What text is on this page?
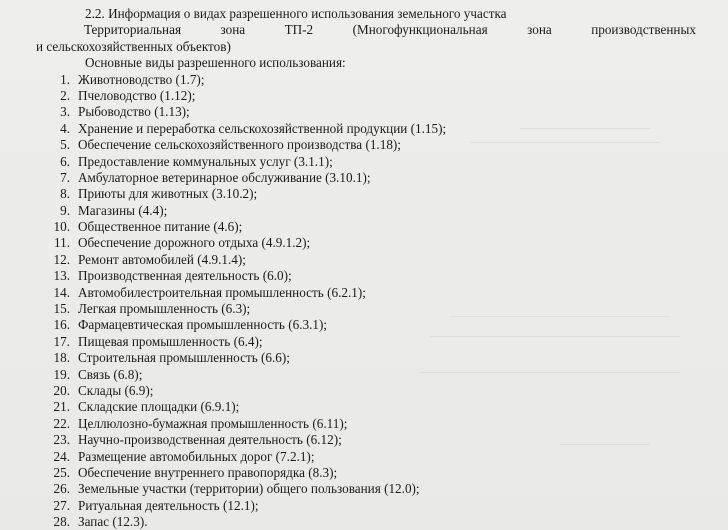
2.2. Информация о видах разрешенного использования земельного участка
Территориальная	зона	ТП-2	(Многофункциональная	зона	производственных
и сельскохозяйственных объектов)
Основные виды разрешенного использования:
1. Животноводство (1.7);
2. Пчеловодство (1.12);
3. Рыбоводство (1.13);
4. Хранение и переработка сельскохозяйственной продукции (1.15);
5. Обеспечение сельскохозяйственного производства (1.18);
6. Предоставление коммунальных услуг (3.1.1);
7. Амбулаторное ветеринарное обслуживание (3.10.1);
8. Приюты для животных (3.10.2);
9. Магазины (4.4);
10. Общественное питание (4.6);
11. Обеспечение дорожного отдыха (4.9.1.2);
12. Ремонт автомобилей (4.9.1.4);
13. Производственная деятельность (6.0);
14. Автомобилестроительная промышленность (6.2.1);
15. Легкая промышленность (6.3);
16. Фармацевтическая промышленность (6.3.1);
17. Пищевая промышленность (6.4);
18. Строительная промышленность (6.6);
19. Связь (6.8);
20. Склады (6.9);
21. Складские площадки (6.9.1);
22. Целлюлозно-бумажная промышленность (6.11);
23. Научно-производственная деятельность (6.12);
24. Размещение автомобильных дорог (7.2.1);
25. Обеспечение внутреннего правопорядка (8.3);
26. Земельные участки (территории) общего пользования (12.0);
27. Ритуальная деятельность (12.1);
28. Запас (12.3).
